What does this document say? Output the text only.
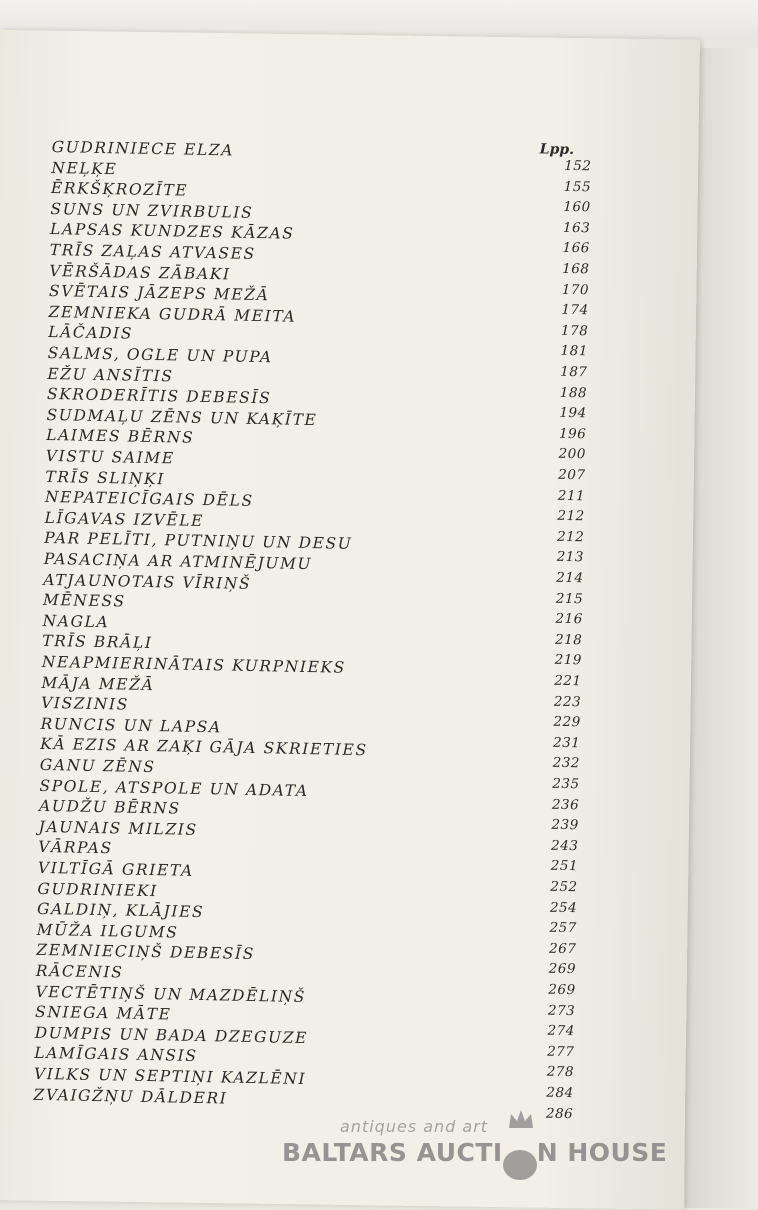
Lpp.
GUDRINIECE ELZA
152
NEĻĶE
155
ĒRKŠĶROZĪTE
160
SUNS UN ZVIRBULIS
163
LAPSAS KUNDZES KĀZAS
166
TRĪS ZAĻAS ATVASES
168
VĒRŠĀDAS ZĀBAKI
170
SVĒTAIS JĀZEPS MEŽĀ
174
ZEMNIEKA GUDRĀ MEITA
178
LĀČADIS
181
SALMS, OGLE UN PUPA
187
EŽU ANSĪTIS
188
SKRODERĪTIS DEBESĪS
194
SUDMAĻU ZĒNS UN KAĶĪTE
196
LAIMES BĒRNS
200
VISTU SAIME
207
TRĪS SLIŅĶI
211
NEPATEICĪGAIS DĒLS
212
LĪGAVAS IZVĒLE
212
PAR PELĪTI, PUTNIŅU UN DESU
213
PASACIŅA AR ATMINĒJUMU
214
ATJAUNOTAIS VĪRIŅŠ
215
MĒNESS
216
NAGLA
218
TRĪS BRĀĻI
219
NEAPMIERINĀTAIS KURPNIEKS
221
MĀJA MEŽĀ
223
VISZINIS
229
RUNCIS UN LAPSA
231
KĀ EZIS AR ZAĶI GĀJA SKRIETIES
232
GANU ZĒNS
235
SPOLE, ATSPOLE UN ADATA
236
AUDŽU BĒRNS
239
JAUNAIS MILZIS
243
VĀRPAS
251
VILTĪGĀ GRIETA
252
GUDRINIEKI
254
GALDIŅ, KLĀJIES
257
MŪŽA ILGUMS
267
ZEMNIECIŅŠ DEBESĪS
269
RĀCENIS
269
VECTĒTIŅŠ UN MAZDĒLIŅŠ
273
SNIEGA MĀTE
274
DUMPIS UN BADA DZEGUZE
277
LAMĪGAIS ANSIS
278
VILKS UN SEPTIŅI KAZLĒNI
284
ZVAIGŽŅU DĀLDERI
286
antiques and art
BALTARS AUCTI N HOUSE
